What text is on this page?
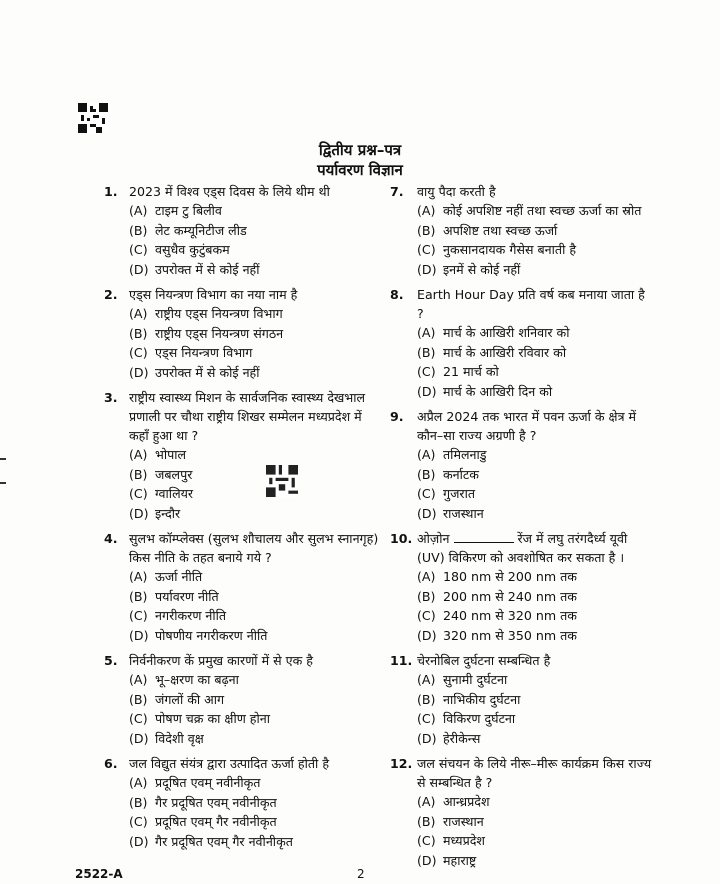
द्वितीय प्रश्न–पत्र
पर्यावरण विज्ञान
1. 2023 में विश्व एड्स दिवस के लिये थीम थी
(A) टाइम टु बिलीव
(B) लेट कम्यूनिटीज लीड
(C) वसुधैव कुटुंबकम
(D) उपरोक्त में से कोई नहीं
2. एड्स नियन्त्रण विभाग का नया नाम है
(A) राष्ट्रीय एड्स नियन्त्रण विभाग
(B) राष्ट्रीय एड्स नियन्त्रण संगठन
(C) एड्स नियन्त्रण विभाग
(D) उपरोक्त में से कोई नहीं
3. राष्ट्रीय स्वास्थ्य मिशन के सार्वजनिक स्वास्थ्य देखभाल प्रणाली पर चौथा राष्ट्रीय शिखर सम्मेलन मध्यप्रदेश में कहाँ हुआ था ?
(A) भोपाल
(B) जबलपुर
(C) ग्वालियर
(D) इन्दौर
4. सुलभ कॉम्प्लेक्स (सुलभ शौचालय और सुलभ स्नानगृह) किस नीति के तहत बनाये गये ?
(A) ऊर्जा नीति
(B) पर्यावरण नीति
(C) नगरीकरण नीति
(D) पोषणीय नगरीकरण नीति
5. निर्वनीकरण कें प्रमुख कारणों में से एक है
(A) भू–क्षरण का बढ़ना
(B) जंगलों की आग
(C) पोषण चक्र का क्षीण होना
(D) विदेशी वृक्ष
6. जल विद्युत संयंत्र द्वारा उत्पादित ऊर्जा होती है
(A) प्रदूषित एवम् नवीनीकृत
(B) गैर प्रदूषित एवम् नवीनीकृत
(C) प्रदूषित एवम् गैर नवीनीकृत
(D) गैर प्रदूषित एवम् गैर नवीनीकृत
7.	वायु पैदा करती है
(A) कोई अपशिष्ट नहीं तथा स्वच्छ ऊर्जा का स्रोत
(B) अपशिष्ट तथा स्वच्छ ऊर्जा
(C) नुकसानदायक गैसेस बनाती है
(D) इनमें से कोई नहीं
8.	Earth Hour Day प्रति वर्ष कब मनाया जाता है ?
(A) मार्च के आखिरी शनिवार को
(B) मार्च के आखिरी रविवार को
(C) 21 मार्च को
(D) मार्च के आखिरी दिन को
9.	अप्रैल 2024 तक भारत में पवन ऊर्जा के क्षेत्र में कौन–सा राज्य अग्रणी है ?
(A) तमिलनाडु
(B) कर्नाटक
(C) गुजरात
(D) राजस्थान
10. ओज़ोन	रेंज में लघु तरंगदैर्ध्य यूवी (UV) विकिरण को अवशोषित कर सकता है ।
(A) 180 nm से 200 nm तक
(B) 200 nm से 240 nm तक
(C) 240 nm से 320 nm तक
(D) 320 nm से 350 nm तक
11. चेरनोबिल दुर्घटना सम्बन्धित है
(A) सुनामी दुर्घटना
(B) नाभिकीय दुर्घटना
(C) विकिरण दुर्घटना
(D) हेरीकेन्स
12. जल संचयन के लिये नीरू–मीरू कार्यक्रम किस राज्य से सम्बन्धित है ?
(A) आन्ध्रप्रदेश
(B) राजस्थान
(C) मध्यप्रदेश
(D) महाराष्ट्र
2522-A	2
